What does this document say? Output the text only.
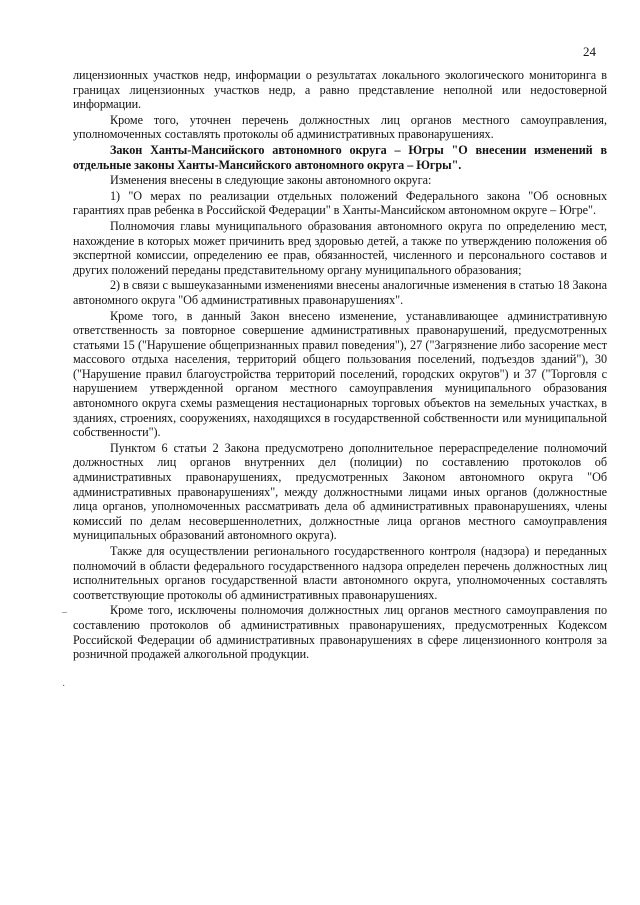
24
–
·

лицензионных участков недр, информации о результатах локального экологического мониторинга в границах лицензионных участков недр, а равно представление неполной или недостоверной информации.

Кроме того, уточнен перечень должностных лиц органов местного самоуправления, уполномоченных составлять протоколы об административных правонарушениях.

Закон Ханты-Мансийского автономного округа – Югры "О внесении изменений в отдельные законы Ханты-Мансийского автономного округа – Югры".

Изменения внесены в следующие законы автономного округа:

1) "О мерах по реализации отдельных положений Федерального закона "Об основных гарантиях прав ребенка в Российской Федерации" в Ханты-Мансийском автономном округе – Югре".

Полномочия главы муниципального образования автономного округа по определению мест, нахождение в которых может причинить вред здоровью детей, а также по утверждению положения об экспертной комиссии, определению ее прав, обязанностей, численного и персонального составов и других положений переданы представительному органу муниципального образования;

2) в связи с вышеуказанными изменениями внесены аналогичные изменения в статью 18 Закона автономного округа "Об административных правонарушениях".

Кроме того, в данный Закон внесено изменение, устанавливающее административную ответственность за повторное совершение административных правонарушений, предусмотренных статьями 15 ("Нарушение общепризнанных правил поведения"), 27 ("Загрязнение либо засорение мест массового отдыха населения, территорий общего пользования поселений, подъездов зданий"), 30 ("Нарушение правил благоустройства территорий поселений, городских округов") и 37 ("Торговля с нарушением утвержденной органом местного самоуправления муниципального образования автономного округа схемы размещения нестационарных торговых объектов на земельных участках, в зданиях, строениях, сооружениях, находящихся в государственной собственности или муниципальной собственности").

Пунктом 6 статьи 2 Закона предусмотрено дополнительное перераспределение полномочий должностных лиц органов внутренних дел (полиции) по составлению протоколов об административных правонарушениях, предусмотренных Законом автономного округа "Об административных правонарушениях", между должностными лицами иных органов (должностные лица органов, уполномоченных рассматривать дела об административных правонарушениях, члены комиссий по делам несовершеннолетних, должностные лица органов местного самоуправления муниципальных образований автономного округа).

Также для осуществлении регионального государственного контроля (надзора) и переданных полномочий в области федерального государственного надзора определен перечень должностных лиц исполнительных органов государственной власти автономного округа, уполномоченных составлять соответствующие протоколы об административных правонарушениях.

Кроме того, исключены полномочия должностных лиц органов местного самоуправления по составлению протоколов об административных правонарушениях, предусмотренных Кодексом Российской Федерации об административных правонарушениях в сфере лицензионного контроля за розничной продажей алкогольной продукции.
